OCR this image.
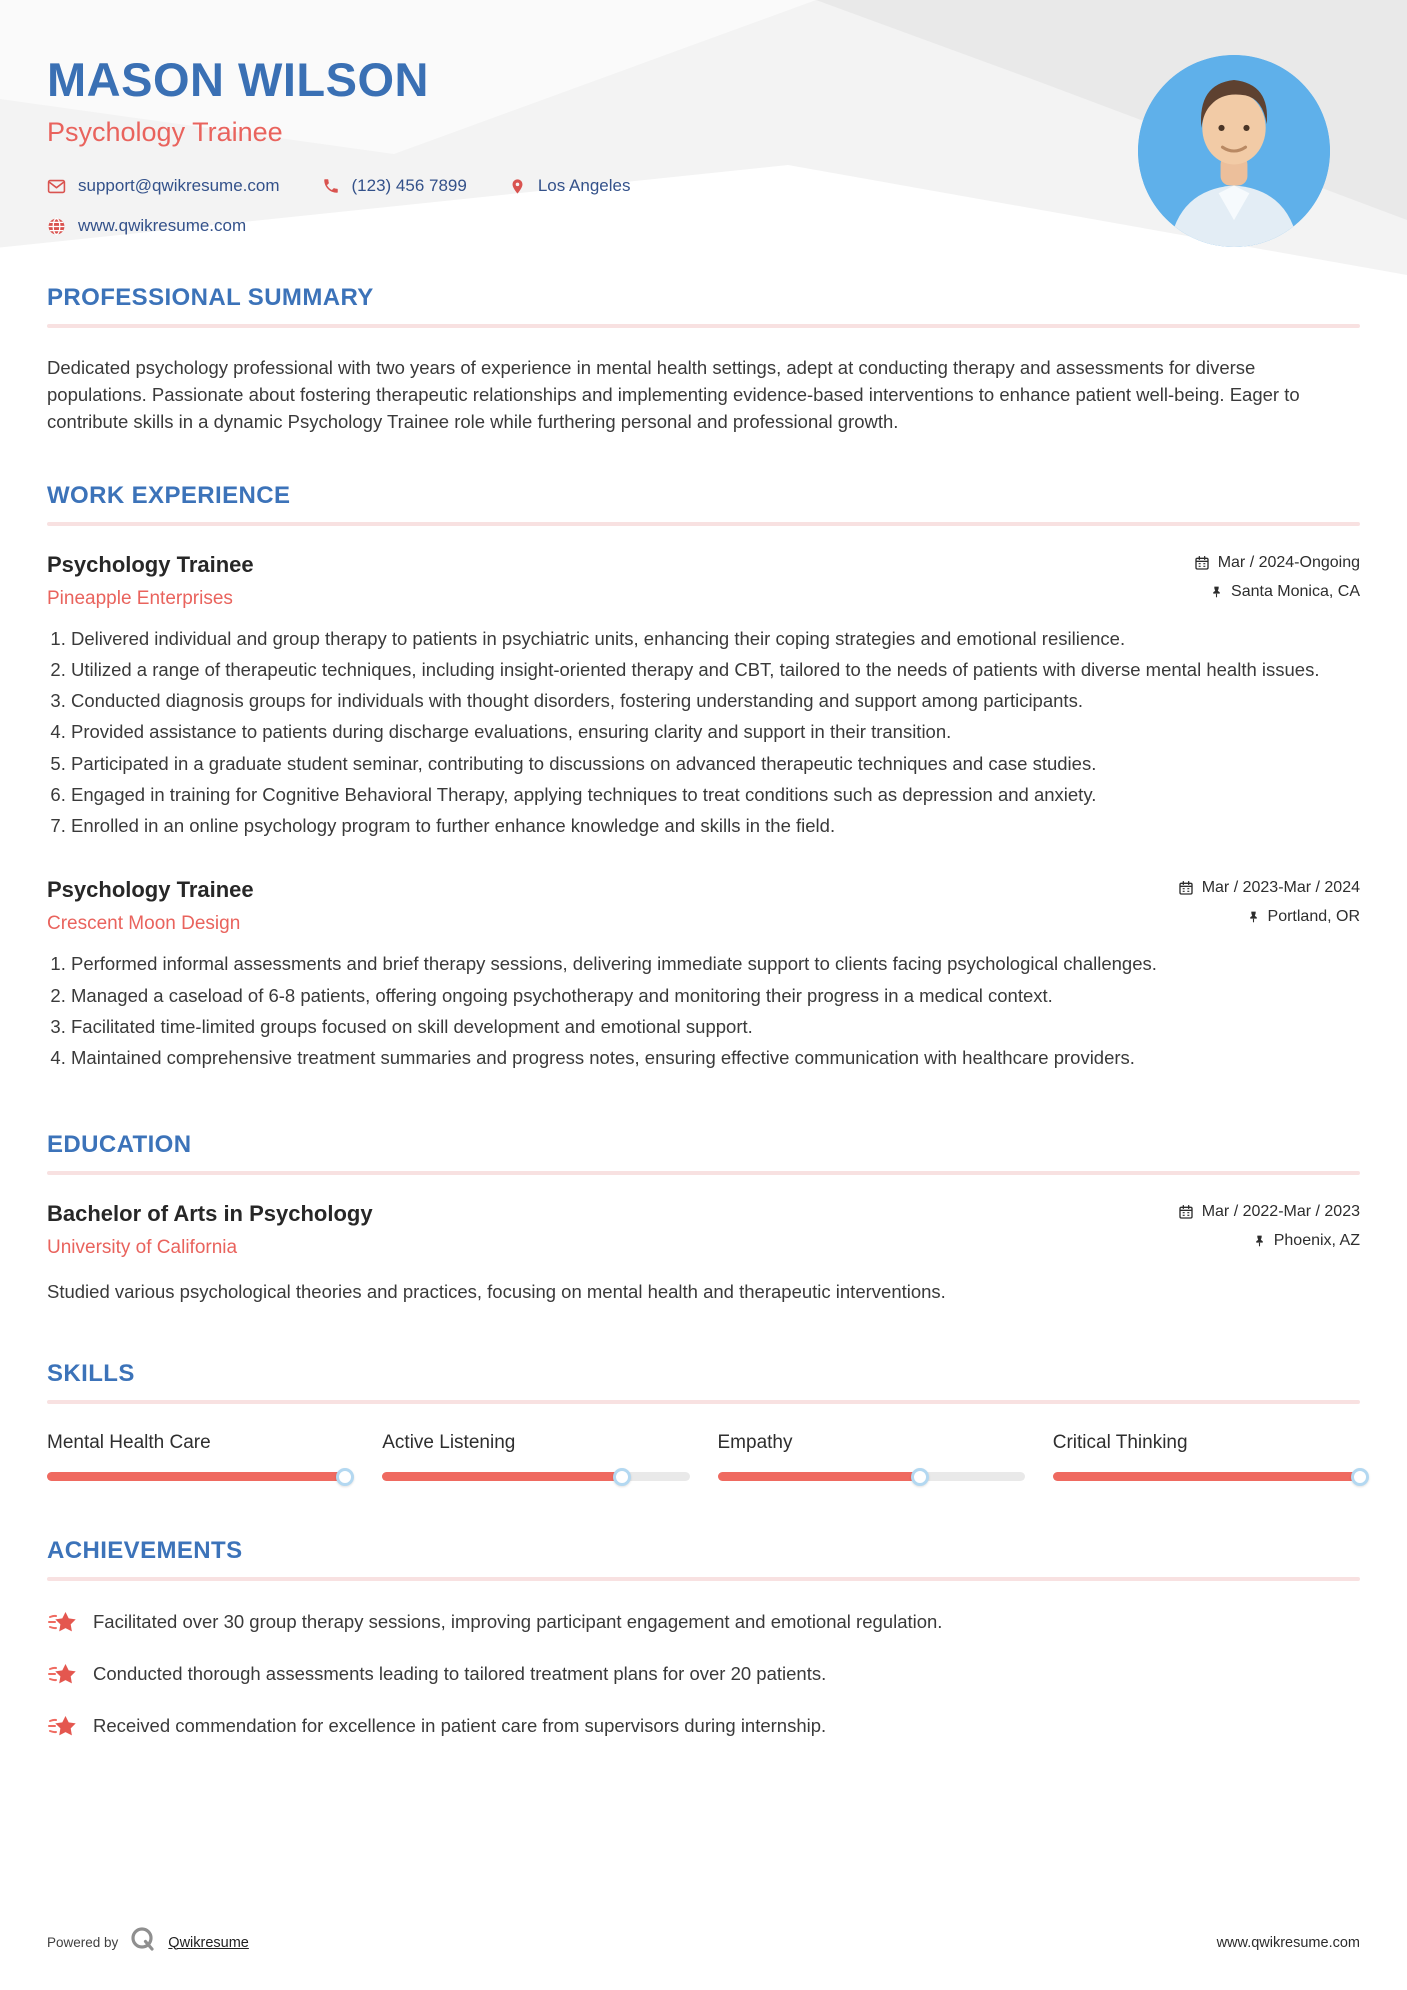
MASON WILSON
Psychology Trainee
support@qwikresume.com	(123) 456 7899	Los Angeles
www.qwikresume.com
PROFESSIONAL SUMMARY

Dedicated psychology professional with two years of experience in mental health settings, adept at conducting therapy and assessments for diverse populations. Passionate about fostering therapeutic relationships and implementing evidence-based interventions to enhance patient well-being. Eager to contribute skills in a dynamic Psychology Trainee role while furthering personal and professional growth.

WORK EXPERIENCE
Psychology Trainee
Pineapple Enterprises
Mar / 2024-Ongoing
Santa Monica, CA
1. Delivered individual and group therapy to patients in psychiatric units, enhancing their coping strategies and emotional resilience.
2. Utilized a range of therapeutic techniques, including insight-oriented therapy and CBT, tailored to the needs of patients with diverse mental health issues.
3. Conducted diagnosis groups for individuals with thought disorders, fostering understanding and support among participants.
4. Provided assistance to patients during discharge evaluations, ensuring clarity and support in their transition.
5. Participated in a graduate student seminar, contributing to discussions on advanced therapeutic techniques and case studies.
6. Engaged in training for Cognitive Behavioral Therapy, applying techniques to treat conditions such as depression and anxiety.
7. Enrolled in an online psychology program to further enhance knowledge and skills in the field.
Psychology Trainee
Crescent Moon Design
Mar / 2023-Mar / 2024
Portland, OR
1. Performed informal assessments and brief therapy sessions, delivering immediate support to clients facing psychological challenges.
2. Managed a caseload of 6-8 patients, offering ongoing psychotherapy and monitoring their progress in a medical context.
3. Facilitated time-limited groups focused on skill development and emotional support.
4. Maintained comprehensive treatment summaries and progress notes, ensuring effective communication with healthcare providers.
EDUCATION
Bachelor of Arts in Psychology
University of California
Mar / 2022-Mar / 2023
Phoenix, AZ

Studied various psychological theories and practices, focusing on mental health and therapeutic interventions.

SKILLS
Mental Health Care	Active Listening	Empathy	Critical Thinking
ACHIEVEMENTS
Facilitated over 30 group therapy sessions, improving participant engagement and emotional regulation.
Conducted thorough assessments leading to tailored treatment plans for over 20 patients.
Received commendation for excellence in patient care from supervisors during internship.
Powered by	Qwikresume	www.qwikresume.com
